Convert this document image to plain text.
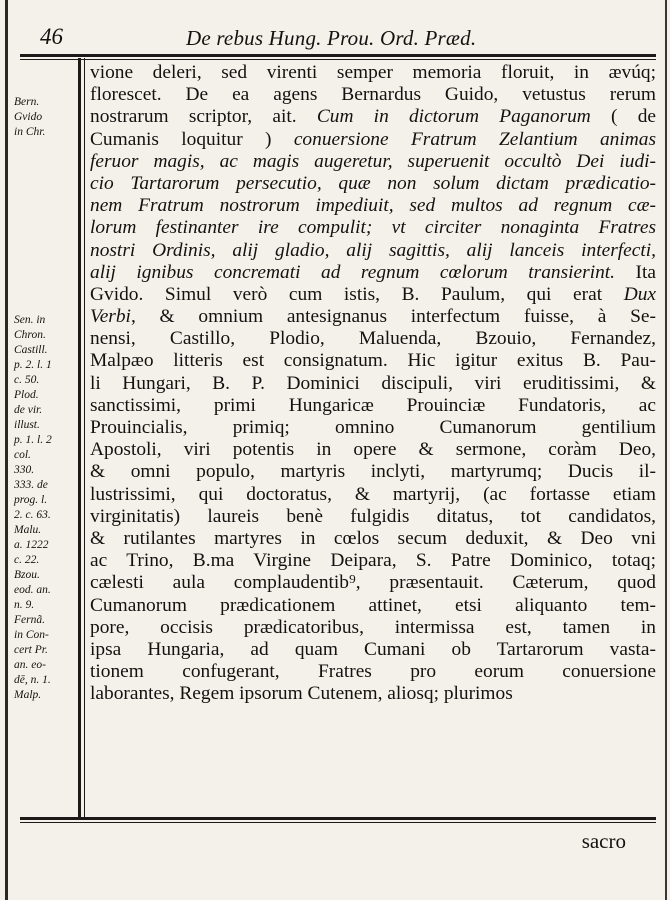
46	De rebus Hung. Prou. Ord. Præd.
Bern.
Gvido
in Chr.
Sen. in
Chron.
Castill.
p. 2. l. 1
c. 50.
Plod.
de vir.
illust.
p. 1. l. 2
col.
330.
333. de
prog. l.
2. c. 63.
Malu.
a. 1222
c. 22.
Bzou.
eod. an.
n. 9.
Fernã.
in Con-
cert Pr.
an. eo-
dē, n. 1.
Malp.
vione deleri, sed virenti semper memoria floruit, in ævúq;
florescet. De ea agens Bernardus Guido, vetustus rerum
nostrarum scriptor, ait. Cum in dictorum Paganorum ( de
Cumanis loquitur ) conuersione Fratrum Zelantium animas
feruor magis, ac magis augeretur, superuenit occultò Dei iudi-
cio Tartarorum persecutio, quæ non solum dictam prædicatio-
nem Fratrum nostrorum impediuit, sed multos ad regnum cæ-
lorum festinanter ire compulit; vt circiter nonaginta Fratres
nostri Ordinis, alij gladio, alij sagittis, alij lanceis interfecti,
alij ignibus concremati ad regnum cœlorum transierint. Ita
Gvido. Simul verò cum istis, B. Paulum, qui erat Dux
Verbi, & omnium antesignanus interfectum fuisse, à Se-
nensi, Castillo, Plodio, Maluenda, Bzouio, Fernandez,
Malpæo litteris est consignatum. Hic igitur exitus B. Pau-
li Hungari, B. P. Dominici discipuli, viri eruditissimi, &
sanctissimi, primi Hungaricæ Prouinciæ Fundatoris, ac
Prouincialis, primiq; omnino Cumanorum gentilium
Apostoli, viri potentis in opere & sermone, coràm Deo,
& omni populo, martyris inclyti, martyrumq; Ducis il-
lustrissimi, qui doctoratus, & martyrij, (ac fortasse etiam
virginitatis) laureis benè fulgidis ditatus, tot candidatos,
& rutilantes martyres in cœlos secum deduxit, & Deo vni
ac Trino, B.ma Virgine Deipara, S. Patre Dominico, totaq;
cælesti aula complaudentib⁹, præsentauit. Cæterum, quod
Cumanorum prædicationem attinet, etsi aliquanto tem-
pore, occisis prædicatoribus, intermissa est, tamen in
ipsa Hungaria, ad quam Cumani ob Tartarorum vasta-
tionem confugerant, Fratres pro eorum conuersione
laborantes, Regem ipsorum Cutenem, aliosq; plurimos
sacro
